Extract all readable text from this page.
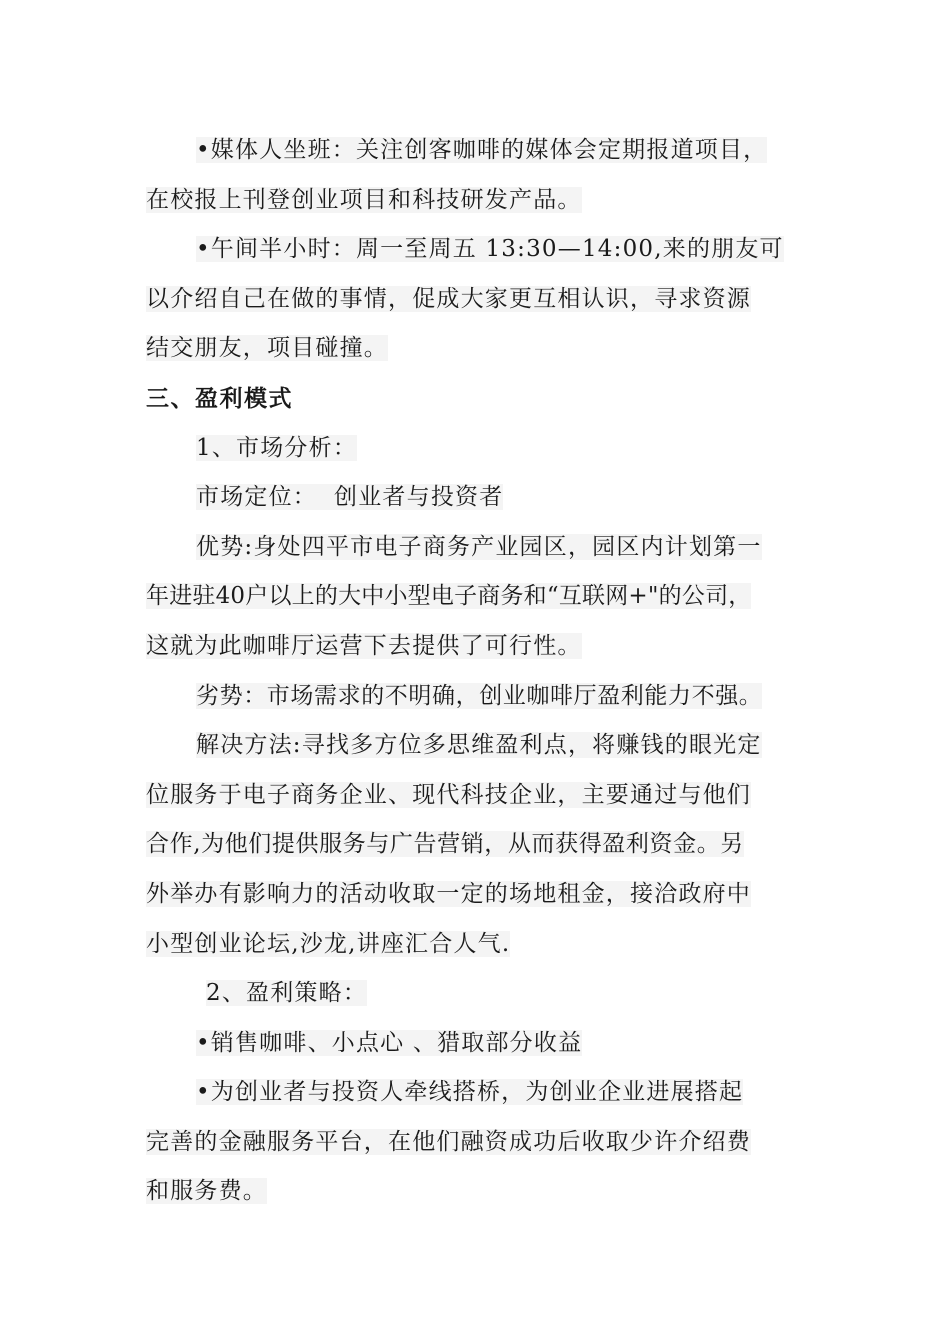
•媒体人坐班：关注创客咖啡的媒体会定期报道项目，
在校报上刊登创业项目和科技研发产品。
•午间半小时：周一至周五 13:30—14:00,来的朋友可
以介绍自己在做的事情，促成大家更互相认识，寻求资源
结交朋友，项目碰撞。
三、盈利模式
1、市场分析：
市场定位：  创业者与投资者
优势:身处四平市电子商务产业园区，园区内计划第一
年进驻40户以上的大中小型电子商务和“互联网+"的公司，
这就为此咖啡厅运营下去提供了可行性。
劣势：市场需求的不明确，创业咖啡厅盈利能力不强。
解决方法:寻找多方位多思维盈利点，将赚钱的眼光定
位服务于电子商务企业、现代科技企业，主要通过与他们
合作,为他们提供服务与广告营销，从而获得盈利资金。另
外举办有影响力的活动收取一定的场地租金，接洽政府中
小型创业论坛,沙龙,讲座汇合人气.
2、盈利策略：
•销售咖啡、小点心 、猎取部分收益
•为创业者与投资人牵线搭桥，为创业企业进展搭起
完善的金融服务平台，在他们融资成功后收取少许介绍费
和服务费。
